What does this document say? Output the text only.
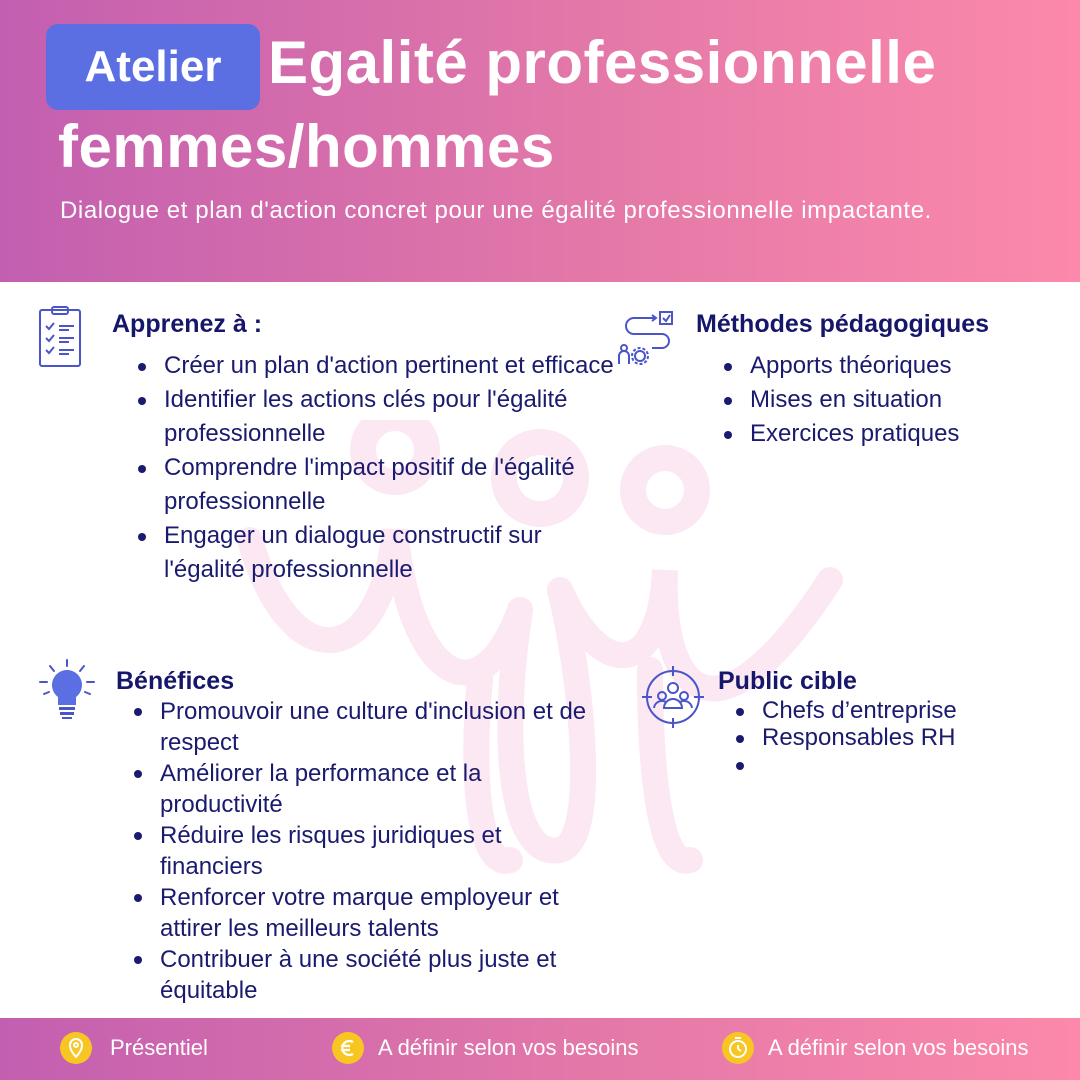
Atelier Egalité professionnelle
femmes/hommes
Dialogue et plan d'action concret pour une égalité professionnelle impactante.
Apprenez à :
Créer un plan d'action pertinent et efficace
Identifier les actions clés pour l'égalité professionnelle
Comprendre l'impact positif de l'égalité professionnelle
Engager un dialogue constructif sur l'égalité professionnelle
Méthodes pédagogiques
Apports théoriques
Mises en situation
Exercices pratiques
Bénéfices
Promouvoir une culture d'inclusion et de respect
Améliorer la performance et la productivité
Réduire les risques juridiques et financiers
Renforcer votre marque employeur et attirer les meilleurs talents
Contribuer à une société plus juste et équitable
Public cible
Chefs d’entreprise
Responsables RH
Présentiel	A définir selon vos besoins	A définir selon vos besoins
